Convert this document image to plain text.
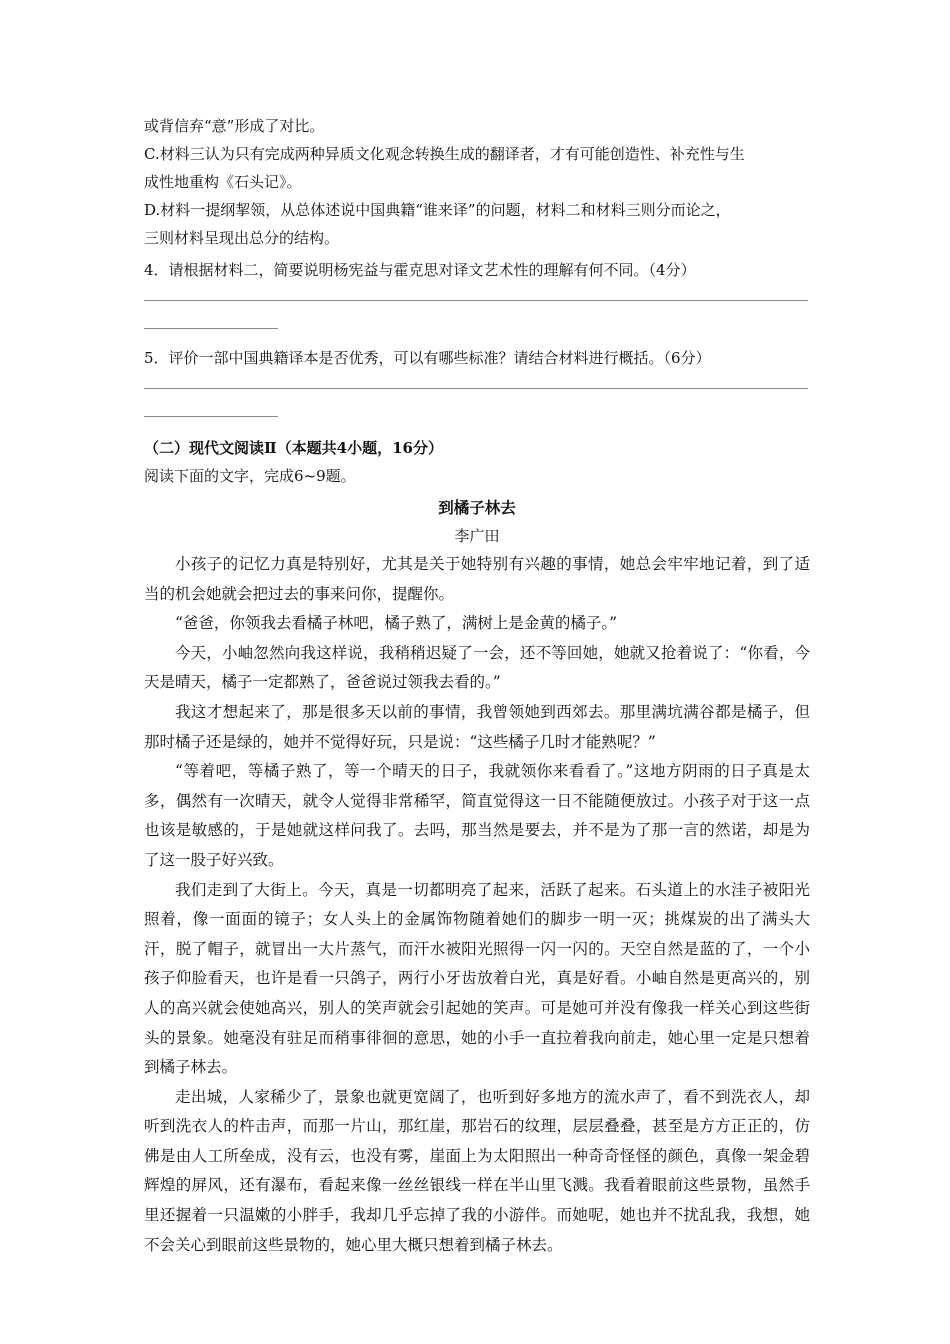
或背信弃“意”形成了对比。

C.材料三认为只有完成两种异质文化观念转换生成的翻译者，才有可能创造性、补充性与生

成性地重构《石头记》。

D.材料一提纲挈领，从总体述说中国典籍“谁来译”的问题，材料二和材料三则分而论之，

三则材料呈现出总分的结构。

4．请根据材料二，简要说明杨宪益与霍克思对译文艺术性的理解有何不同。（4分）

5．评价一部中国典籍译本是否优秀，可以有哪些标准？请结合材料进行概括。（6分）

（二）现代文阅读Ⅱ（本题共4小题，16分）

阅读下面的文字，完成6~9题。

到橘子林去

李广田

小孩子的记忆力真是特别好，尤其是关于她特别有兴趣的事情，她总会牢牢地记着，到了适当的机会她就会把过去的事来问你，提醒你。

“爸爸，你领我去看橘子林吧，橘子熟了，满树上是金黄的橘子。”

今天，小岫忽然向我这样说，我稍稍迟疑了一会，还不等回她，她就又抢着说了：“你看，今天是晴天，橘子一定都熟了，爸爸说过领我去看的。”

我这才想起来了，那是很多天以前的事情，我曾领她到西郊去。那里满坑满谷都是橘子，但那时橘子还是绿的，她并不觉得好玩，只是说：“这些橘子几时才能熟呢？”

“等着吧，等橘子熟了，等一个晴天的日子，我就领你来看看了。”这地方阴雨的日子真是太多，偶然有一次晴天，就令人觉得非常稀罕，简直觉得这一日不能随便放过。小孩子对于这一点也该是敏感的，于是她就这样问我了。去吗，那当然是要去，并不是为了那一言的然诺，却是为了这一股子好兴致。

我们走到了大街上。今天，真是一切都明亮了起来，活跃了起来。石头道上的水洼子被阳光照着，像一面面的镜子；女人头上的金属饰物随着她们的脚步一明一灭；挑煤炭的出了满头大汗，脱了帽子，就冒出一大片蒸气，而汗水被阳光照得一闪一闪的。天空自然是蓝的了，一个小孩子仰脸看天，也许是看一只鸽子，两行小牙齿放着白光，真是好看。小岫自然是更高兴的，别人的高兴就会使她高兴，别人的笑声就会引起她的笑声。可是她可并没有像我一样关心到这些街头的景象。她毫没有驻足而稍事徘徊的意思，她的小手一直拉着我向前走，她心里一定是只想着到橘子林去。

走出城，人家稀少了，景象也就更宽阔了，也听到好多地方的流水声了，看不到洗衣人，却听到洗衣人的杵击声，而那一片山，那红崖，那岩石的纹理，层层叠叠，甚至是方方正正的，仿佛是由人工所垒成，没有云，也没有雾，崖面上为太阳照出一种奇奇怪怪的颜色，真像一架金碧辉煌的屏风，还有瀑布，看起来像一丝丝银线一样在半山里飞溅。我看着眼前这些景物，虽然手里还握着一只温嫩的小胖手，我却几乎忘掉了我的小游伴。而她呢，她也并不扰乱我，我想，她不会关心到眼前这些景物的，她心里大概只想着到橘子林去。
